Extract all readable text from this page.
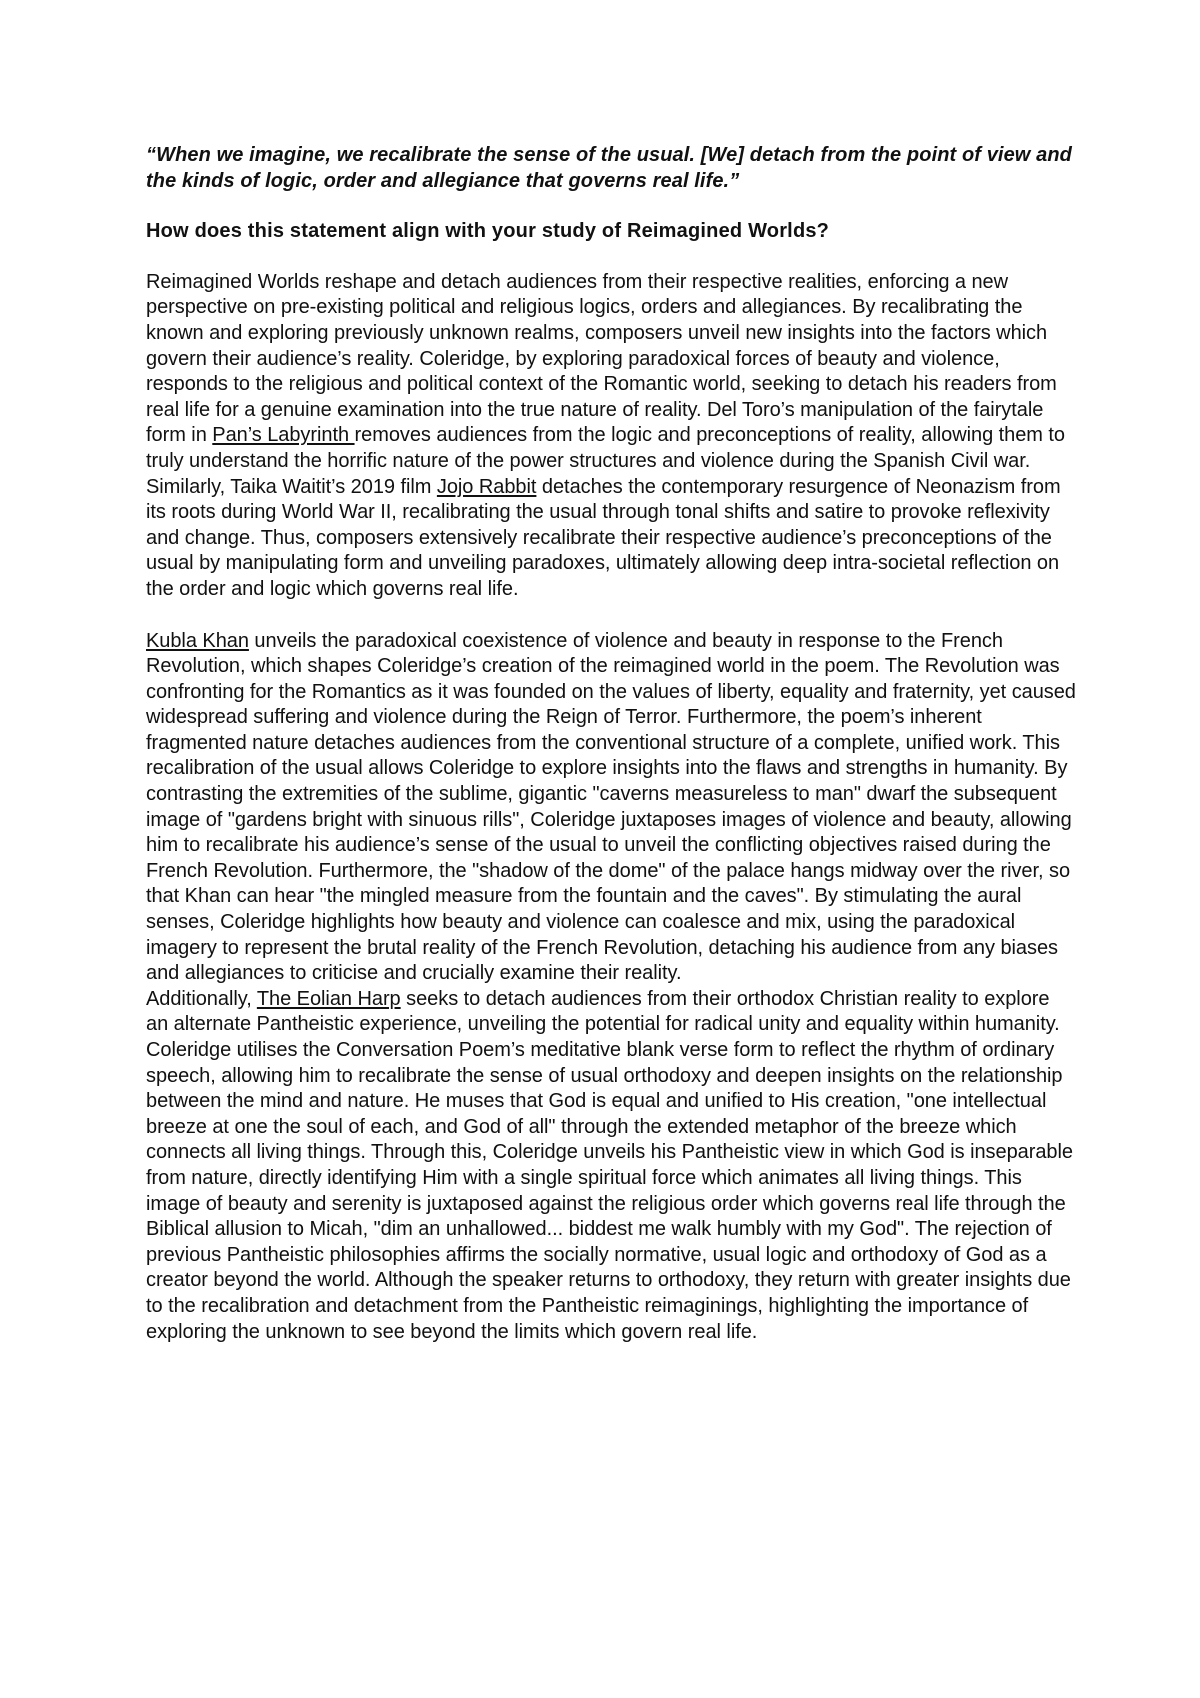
“When we imagine, we recalibrate the sense of the usual. [We] detach from the point of view and the kinds of logic, order and allegiance that governs real life.”

How does this statement align with your study of Reimagined Worlds?

Reimagined Worlds reshape and detach audiences from their respective realities, enforcing a new perspective on pre-existing political and religious logics, orders and allegiances. By recalibrating the known and exploring previously unknown realms, composers unveil new insights into the factors which govern their audience’s reality. Coleridge, by exploring paradoxical forces of beauty and violence, responds to the religious and political context of the Romantic world, seeking to detach his readers from real life for a genuine examination into the true nature of reality. Del Toro’s manipulation of the fairytale form in Pan’s Labyrinth removes audiences from the logic and preconceptions of reality, allowing them to truly understand the horrific nature of the power structures and violence during the Spanish Civil war. Similarly, Taika Waitit’s 2019 film Jojo Rabbit detaches the contemporary resurgence of Neonazism from its roots during World War II, recalibrating the usual through tonal shifts and satire to provoke reflexivity and change. Thus, composers extensively recalibrate their respective audience’s preconceptions of the usual by manipulating form and unveiling paradoxes, ultimately allowing deep intra-societal reflection on the order and logic which governs real life.

Kubla Khan unveils the paradoxical coexistence of violence and beauty in response to the French Revolution, which shapes Coleridge’s creation of the reimagined world in the poem. The Revolution was confronting for the Romantics as it was founded on the values of liberty, equality and fraternity, yet caused widespread suffering and violence during the Reign of Terror. Furthermore, the poem’s inherent fragmented nature detaches audiences from the conventional structure of a complete, unified work. This recalibration of the usual allows Coleridge to explore insights into the flaws and strengths in humanity. By contrasting the extremities of the sublime, gigantic "caverns measureless to man" dwarf the subsequent image of "gardens bright with sinuous rills", Coleridge juxtaposes images of violence and beauty, allowing him to recalibrate his audience’s sense of the usual to unveil the conflicting objectives raised during the French Revolution. Furthermore, the "shadow of the dome" of the palace hangs midway over the river, so that Khan can hear "the mingled measure from the fountain and the caves". By stimulating the aural senses, Coleridge highlights how beauty and violence can coalesce and mix, using the paradoxical imagery to represent the brutal reality of the French Revolution, detaching his audience from any biases and allegiances to criticise and crucially examine their reality.

Additionally, The Eolian Harp seeks to detach audiences from their orthodox Christian reality to explore an alternate Pantheistic experience, unveiling the potential for radical unity and equality within humanity. Coleridge utilises the Conversation Poem’s meditative blank verse form to reflect the rhythm of ordinary speech, allowing him to recalibrate the sense of usual orthodoxy and deepen insights on the relationship between the mind and nature. He muses that God is equal and unified to His creation, "one intellectual breeze at one the soul of each, and God of all" through the extended metaphor of the breeze which connects all living things. Through this, Coleridge unveils his Pantheistic view in which God is inseparable from nature, directly identifying Him with a single spiritual force which animates all living things. This image of beauty and serenity is juxtaposed against the religious order which governs real life through the Biblical allusion to Micah, "dim an unhallowed... biddest me walk humbly with my God". The rejection of previous Pantheistic philosophies affirms the socially normative, usual logic and orthodoxy of God as a creator beyond the world. Although the speaker returns to orthodoxy, they return with greater insights due to the recalibration and detachment from the Pantheistic reimaginings, highlighting the importance of exploring the unknown to see beyond the limits which govern real life.
